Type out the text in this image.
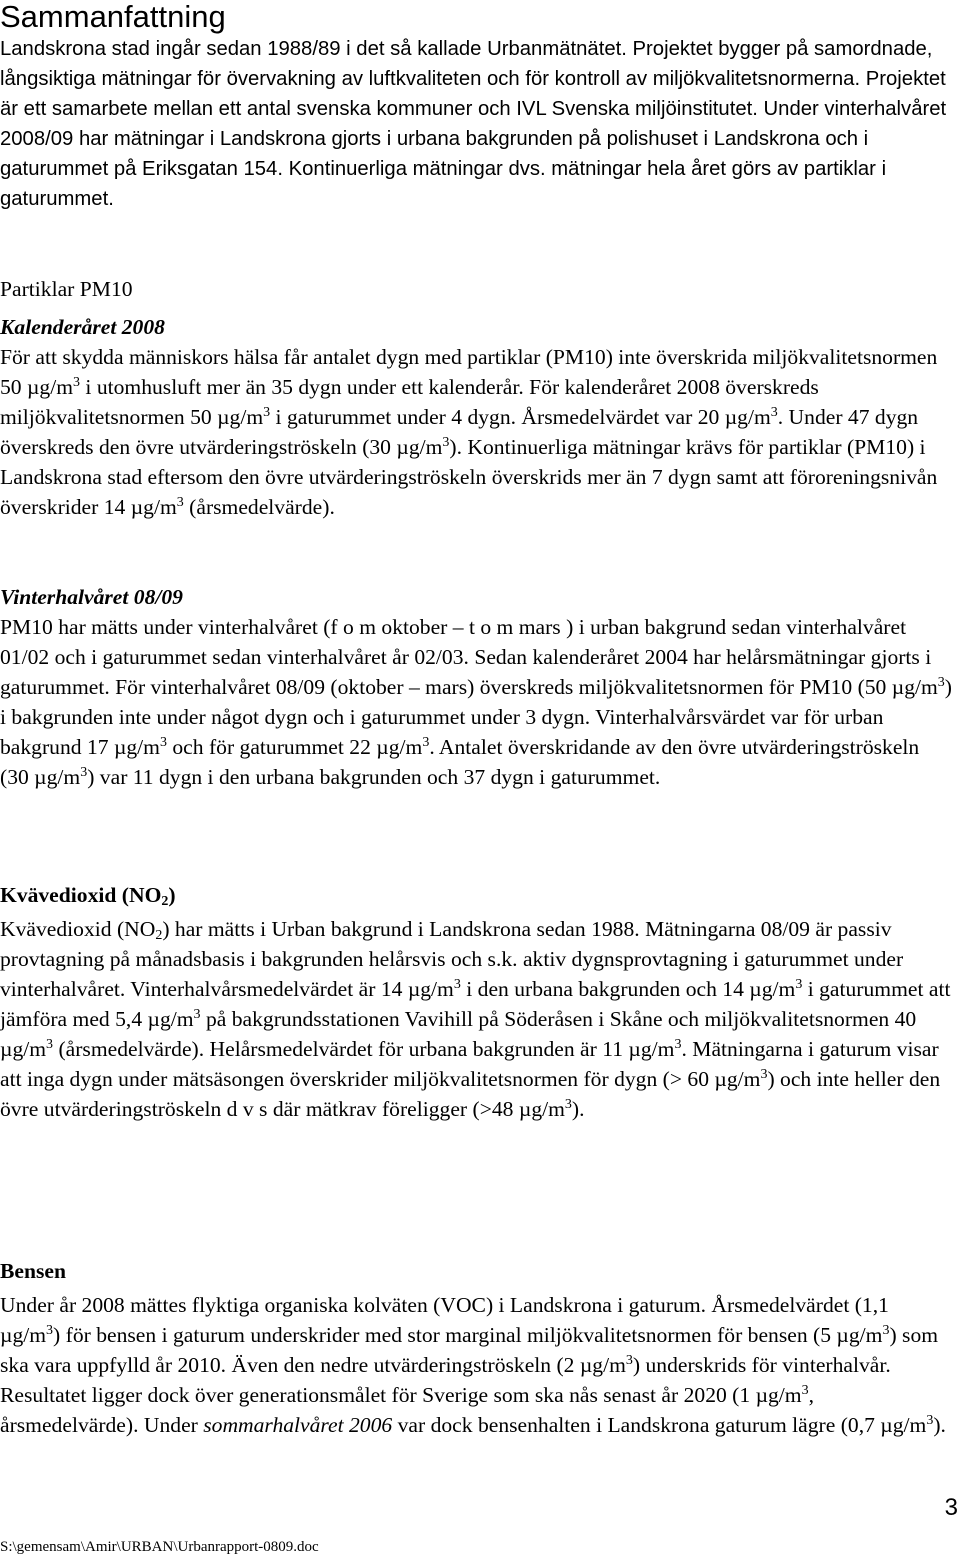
Sammanfattning

Landskrona stad ingår sedan 1988/89 i det så kallade Urbanmätnätet. Projektet bygger på samordnade, långsiktiga mätningar för övervakning av luftkvaliteten och för kontroll av miljökvalitetsnormerna. Projektet är ett samarbete mellan ett antal svenska kommuner och IVL Svenska miljöinstitutet. Under vinterhalvåret 2008/09 har mätningar i Landskrona gjorts i urbana bakgrunden på polishuset i Landskrona och i gaturummet på Eriksgatan 154. Kontinuerliga mätningar dvs. mätningar hela året görs av partiklar i gaturummet.

Partiklar PM10
Kalenderåret 2008

För att skydda människors hälsa får antalet dygn med partiklar (PM10) inte överskrida miljökvalitetsnormen 50 $\mu g/m^3$ i utomhusluft mer än 35 dygn under ett kalenderår. För kalenderåret 2008 överskreds miljökvalitetsnormen 50 $\mu g/m^3$ i gaturummet under 4 dygn. Årsmedelvärdet var 20 $\mu g/m^3$. Under 47 dygn överskreds den övre utvärderingströskeln (30 $\mu g/m^3$). Kontinuerliga mätningar krävs för partiklar (PM10) i Landskrona stad eftersom den övre utvärderingströskeln överskrids mer än 7 dygn samt att föroreningsnivån överskrider 14 $\mu g/m^3$ (årsmedelvärde).

Vinterhalvåret 08/09

PM10 har mätts under vinterhalvåret (f o m oktober – t o m mars ) i urban bakgrund sedan vinterhalvåret 01/02 och i gaturummet sedan vinterhalvåret år 02/03. Sedan kalenderåret 2004 har helårsmätningar gjorts i gaturummet. För vinterhalvåret 08/09 (oktober – mars) överskreds miljökvalitetsnormen för PM10 (50 $\mu g/m^3$) i bakgrunden inte under något dygn och i gaturummet under 3 dygn. Vinterhalvårsvärdet var för urban bakgrund 17 $\mu g/m^3$ och för gaturummet 22 $\mu g/m^3$. Antalet överskridande av den övre utvärderingströskeln (30 $\mu g/m^3$) var 11 dygn i den urbana bakgrunden och 37 dygn i gaturummet.

Kvävedioxid $(NO_2)$

Kvävedioxid $(NO_2)$ har mätts i Urban bakgrund i Landskrona sedan 1988. Mätningarna 08/09 är passiv provtagning på månadsbasis i bakgrunden helårsvis och s.k. aktiv dygnsprovtagning i gaturummet under vinterhalvåret. Vinterhalvårsmedelvärdet är 14 $\mu g/m^3$ i den urbana bakgrunden och 14 $\mu g/m^3$ i gaturummet att jämföra med 5,4 $\mu g/m^3$ på bakgrundsstationen Vavihill på Söderåsen i Skåne och miljökvalitetsnormen 40 $\mu g/m^3$ (årsmedelvärde). Helårsmedelvärdet för urbana bakgrunden är 11 $\mu g/m^3$. Mätningarna i gaturum visar att inga dygn under mätsäsongen överskrider miljökvalitetsnormen för dygn (> 60 $\mu g/m^3$) och inte heller den övre utvärderingströskeln d v s där mätkrav föreligger (>48 $\mu g/m^3$).

Bensen

Under år 2008 mättes flyktiga organiska kolväten (VOC) i Landskrona i gaturum. Årsmedelvärdet (1,1 $\mu g/m^3$) för bensen i gaturum underskrider med stor marginal miljökvalitetsnormen för bensen (5 $\mu g/m^3$) som ska vara uppfylld år 2010. Även den nedre utvärderingströskeln (2 $\mu g/m^3$) underskrids för vinterhalvår. Resultatet ligger dock över generationsmålet för Sverige som ska nås senast år 2020 (1 $\mu g/m^3$, årsmedelvärde). Under sommarhalvåret 2006 var dock bensenhalten i Landskrona gaturum lägre (0,7 $\mu g/m^3$).

3
S:\gemensam\Amir\URBAN\Urbanrapport-0809.doc
